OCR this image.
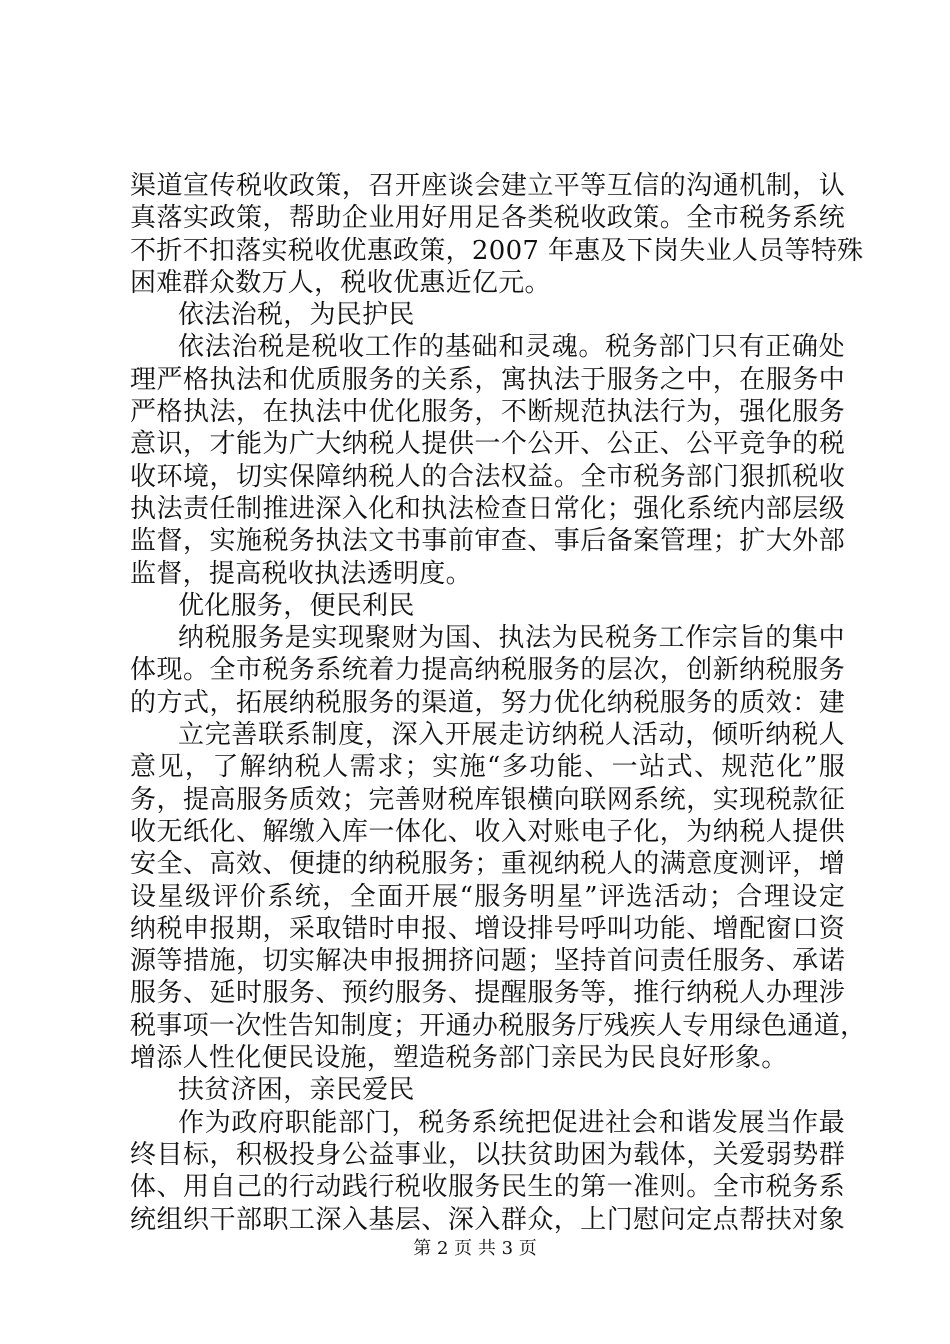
渠道宣传税收政策，召开座谈会建立平等互信的沟通机制，认
真落实政策，帮助企业用好用足各类税收政策。全市税务系统
不折不扣落实税收优惠政策，2007 年惠及下岗失业人员等特殊
困难群众数万人，税收优惠近亿元。
依法治税，为民护民
依法治税是税收工作的基础和灵魂。税务部门只有正确处
理严格执法和优质服务的关系，寓执法于服务之中，在服务中
严格执法，在执法中优化服务，不断规范执法行为，强化服务
意识，才能为广大纳税人提供一个公开、公正、公平竞争的税
收环境，切实保障纳税人的合法权益。全市税务部门狠抓税收
执法责任制推进深入化和执法检查日常化；强化系统内部层级
监督，实施税务执法文书事前审查、事后备案管理；扩大外部
监督，提高税收执法透明度。
优化服务，便民利民
纳税服务是实现聚财为国、执法为民税务工作宗旨的集中
体现。全市税务系统着力提高纳税服务的层次，创新纳税服务
的方式，拓展纳税服务的渠道，努力优化纳税服务的质效：建
立完善联系制度，深入开展走访纳税人活动，倾听纳税人
意见，了解纳税人需求；实施“多功能、一站式、规范化”服
务，提高服务质效；完善财税库银横向联网系统，实现税款征
收无纸化、解缴入库一体化、收入对账电子化，为纳税人提供
安全、高效、便捷的纳税服务；重视纳税人的满意度测评，增
设星级评价系统，全面开展“服务明星”评选活动；合理设定
纳税申报期，采取错时申报、增设排号呼叫功能、增配窗口资
源等措施，切实解决申报拥挤问题；坚持首问责任服务、承诺
服务、延时服务、预约服务、提醒服务等，推行纳税人办理涉
税事项一次性告知制度；开通办税服务厅残疾人专用绿色通道，
增添人性化便民设施，塑造税务部门亲民为民良好形象。
扶贫济困，亲民爱民
作为政府职能部门，税务系统把促进社会和谐发展当作最
终目标，积极投身公益事业，以扶贫助困为载体，关爱弱势群
体、用自己的行动践行税收服务民生的第一准则。全市税务系
统组织干部职工深入基层、深入群众，上门慰问定点帮扶对象
第 2 页 共 3 页
